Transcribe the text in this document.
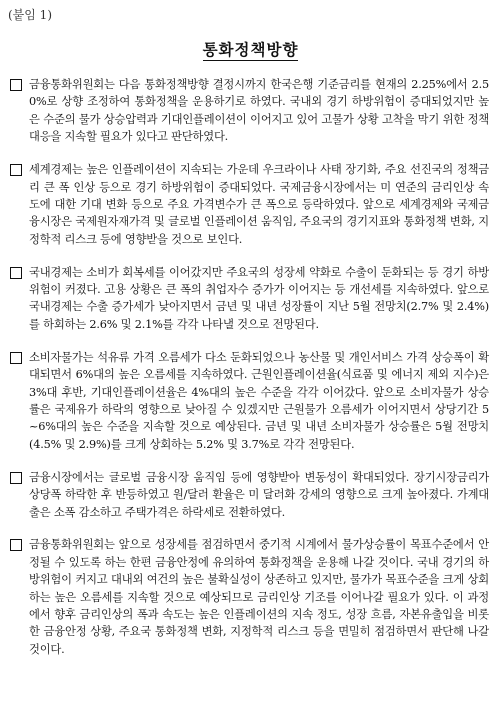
(붙임 1)
통화정책방향
금융통화위원회는 다음 통화정책방향 결정시까지 한국은행 기준금리를 현재의 2.25%에서 2.50%로 상향 조정하여 통화정책을 운용하기로 하였다. 국내외 경기 하방위험이 증대되었지만 높은 수준의 물가 상승압력과 기대인플레이션이 이어지고 있어 고물가 상황 고착을 막기 위한 정책 대응을 지속할 필요가 있다고 판단하였다.
세계경제는 높은 인플레이션이 지속되는 가운데 우크라이나 사태 장기화, 주요 선진국의 정책금리 큰 폭 인상 등으로 경기 하방위험이 증대되었다. 국제금융시장에서는 미 연준의 금리인상 속도에 대한 기대 변화 등으로 주요 가격변수가 큰 폭으로 등락하였다. 앞으로 세계경제와 국제금융시장은 국제원자재가격 및 글로벌 인플레이션 움직임, 주요국의 경기지표와 통화정책 변화, 지정학적 리스크 등에 영향받을 것으로 보인다.
국내경제는 소비가 회복세를 이어갔지만 주요국의 성장세 약화로 수출이 둔화되는 등 경기 하방위험이 커졌다. 고용 상황은 큰 폭의 취업자수 증가가 이어지는 등 개선세를 지속하였다. 앞으로 국내경제는 수출 증가세가 낮아지면서 금년 및 내년 성장률이 지난 5월 전망치(2.7% 및 2.4%)를 하회하는 2.6% 및 2.1%를 각각 나타낼 것으로 전망된다.
소비자물가는 석유류 가격 오름세가 다소 둔화되었으나 농산물 및 개인서비스 가격 상승폭이 확대되면서 6%대의 높은 오름세를 지속하였다. 근원인플레이션율(식료품 및 에너지 제외 지수)은 3%대 후반, 기대인플레이션율은 4%대의 높은 수준을 각각 이어갔다. 앞으로 소비자물가 상승률은 국제유가 하락의 영향으로 낮아질 수 있겠지만 근원물가 오름세가 이어지면서 상당기간 5~6%대의 높은 수준을 지속할 것으로 예상된다. 금년 및 내년 소비자물가 상승률은 5월 전망치(4.5% 및 2.9%)를 크게 상회하는 5.2% 및 3.7%로 각각 전망된다.
금융시장에서는 글로벌 금융시장 움직임 등에 영향받아 변동성이 확대되었다. 장기시장금리가 상당폭 하락한 후 반등하였고 원/달러 환율은 미 달러화 강세의 영향으로 크게 높아졌다. 가계대출은 소폭 감소하고 주택가격은 하락세로 전환하였다.
금융통화위원회는 앞으로 성장세를 점검하면서 중기적 시계에서 물가상승률이 목표수준에서 안정될 수 있도록 하는 한편 금융안정에 유의하여 통화정책을 운용해 나갈 것이다. 국내 경기의 하방위험이 커지고 대내외 여건의 높은 불확실성이 상존하고 있지만, 물가가 목표수준을 크게 상회하는 높은 오름세를 지속할 것으로 예상되므로 금리인상 기조를 이어나갈 필요가 있다. 이 과정에서 향후 금리인상의 폭과 속도는 높은 인플레이션의 지속 정도, 성장 흐름, 자본유출입을 비롯한 금융안정 상황, 주요국 통화정책 변화, 지정학적 리스크 등을 면밀히 점검하면서 판단해 나갈 것이다.
